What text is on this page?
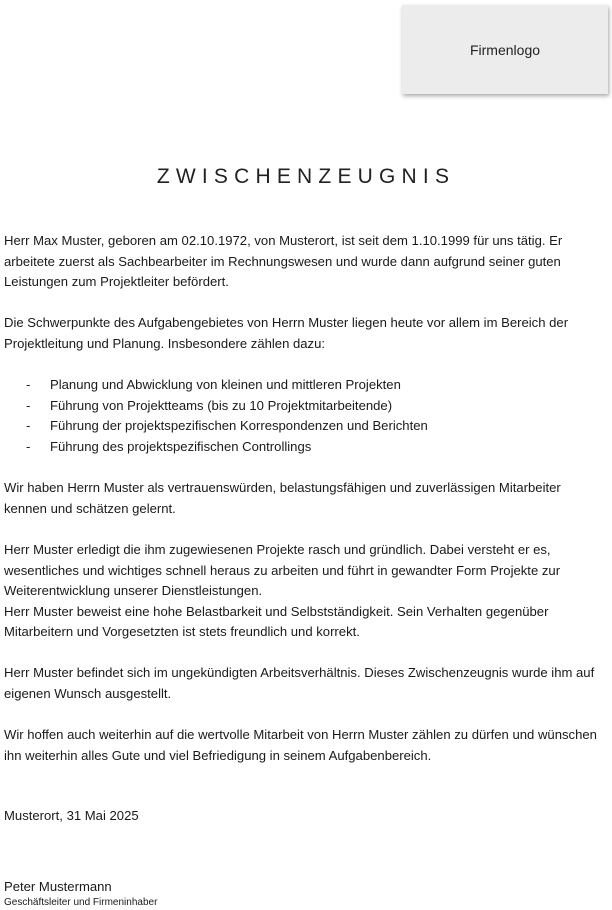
Firmenlogo
ZWISCHENZEUGNIS

Herr Max Muster, geboren am 02.10.1972, von Musterort, ist seit dem 1.10.1999 für uns tätig. Er arbeitete zuerst als Sachbearbeiter im Rechnungswesen und wurde dann aufgrund seiner guten Leistungen zum Projektleiter befördert.

Die Schwerpunkte des Aufgabengebietes von Herrn Muster liegen heute vor allem im Bereich der Projektleitung und Planung. Insbesondere zählen dazu:

- Planung und Abwicklung von kleinen und mittleren Projekten
- Führung von Projektteams (bis zu 10 Projektmitarbeitende)
- Führung der projektspezifischen Korrespondenzen und Berichten
- Führung des projektspezifischen Controllings

Wir haben Herrn Muster als vertrauenswürden, belastungsfähigen und zuverlässigen Mitarbeiter kennen und schätzen gelernt.

Herr Muster erledigt die ihm zugewiesenen Projekte rasch und gründlich. Dabei versteht er es, wesentliches und wichtiges schnell heraus zu arbeiten und führt in gewandter Form Projekte zur Weiterentwicklung unserer Dienstleistungen.

Herr Muster beweist eine hohe Belastbarkeit und Selbstständigkeit. Sein Verhalten gegenüber Mitarbeitern und Vorgesetzten ist stets freundlich und korrekt.

Herr Muster befindet sich im ungekündigten Arbeitsverhältnis. Dieses Zwischenzeugnis wurde ihm auf eigenen Wunsch ausgestellt.

Wir hoffen auch weiterhin auf die wertvolle Mitarbeit von Herrn Muster zählen zu dürfen und wünschen ihn weiterhin alles Gute und viel Befriedigung in seinem Aufgabenbereich.

Musterort, 31 Mai 2025
Peter Mustermann
Geschäftsleiter und Firmeninhaber
